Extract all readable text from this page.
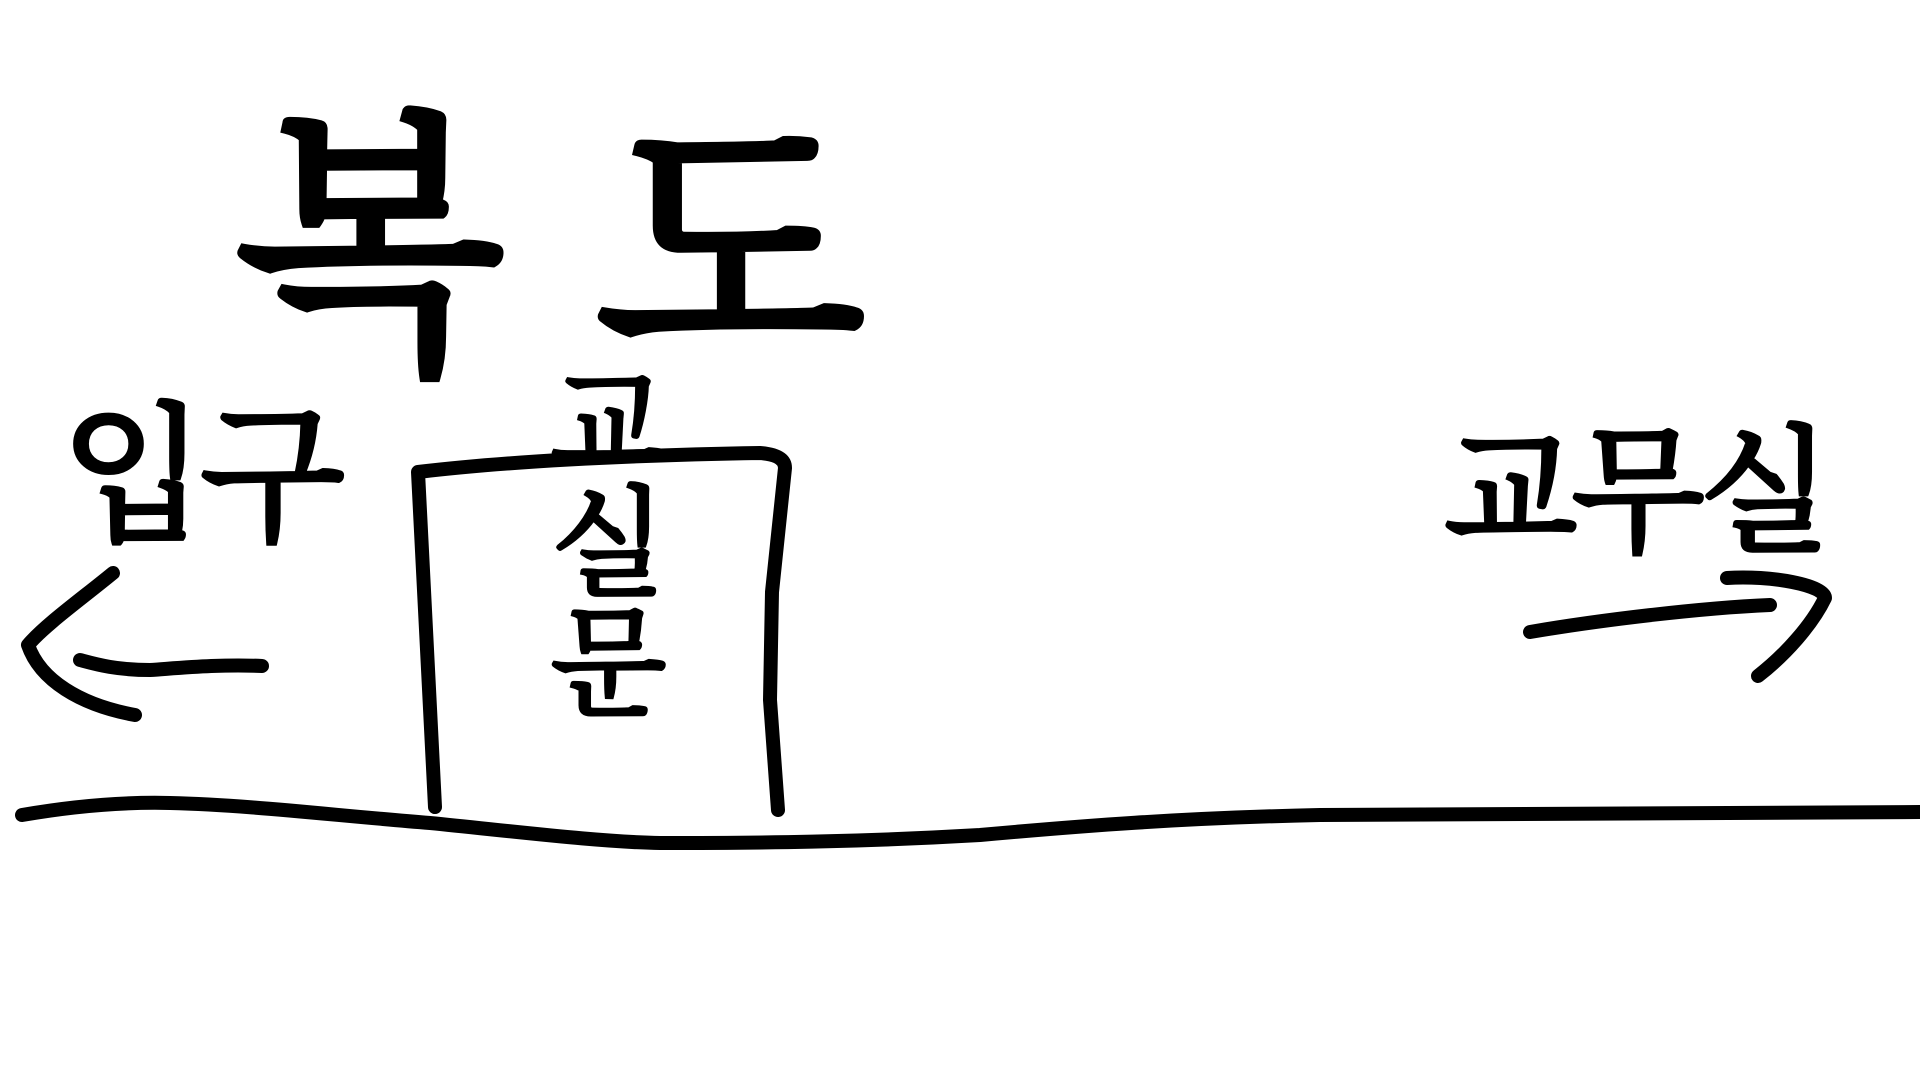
복도
입구 교실문	교무실
